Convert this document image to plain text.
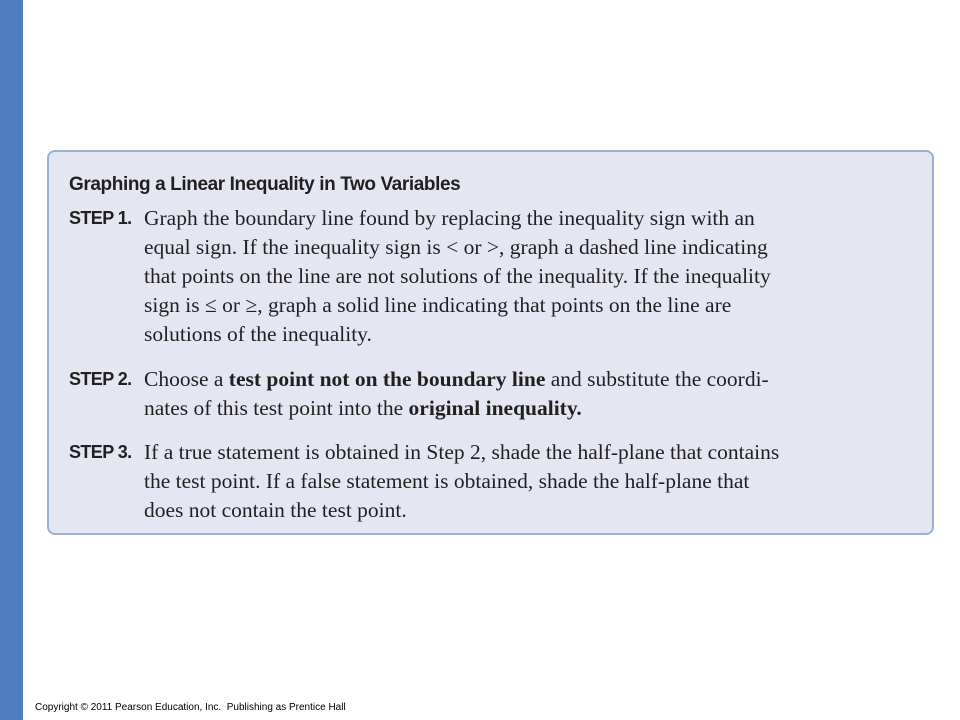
Graphing a Linear Inequality in Two Variables
STEP 1. Graph the boundary line found by replacing the inequality sign with an
equal sign. If the inequality sign is < or >, graph a dashed line indicating
that points on the line are not solutions of the inequality. If the inequality
sign is ≤ or ≥, graph a solid line indicating that points on the line are
solutions of the inequality.
STEP 2. Choose a test point not on the boundary line and substitute the coordi-
nates of this test point into the original inequality.
STEP 3. If a true statement is obtained in Step 2, shade the half-plane that contains
the test point. If a false statement is obtained, shade the half-plane that
does not contain the test point.
Copyright © 2011 Pearson Education, Inc.  Publishing as Prentice Hall
